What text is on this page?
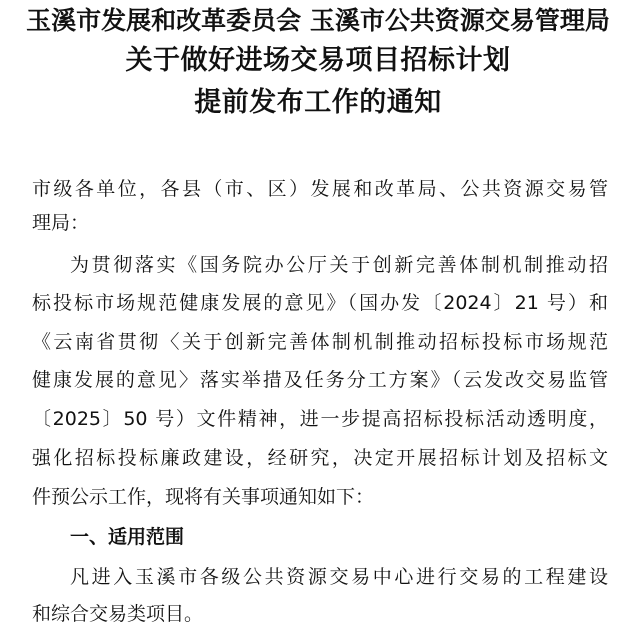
玉溪市发展和改革委员会 玉溪市公共资源交易管理局
关于做好进场交易项目招标计划
提前发布工作的通知
市级各单位，各县（市、区）发展和改革局、公共资源交易管
理局：
为贯彻落实《国务院办公厅关于创新完善体制机制推动招
标投标市场规范健康发展的意见》（国办发〔2024〕21 号）和
《云南省贯彻〈关于创新完善体制机制推动招标投标市场规范
健康发展的意见〉落实举措及任务分工方案》（云发改交易监管
〔2025〕50 号）文件精神，进一步提高招标投标活动透明度，
强化招标投标廉政建设，经研究，决定开展招标计划及招标文
件预公示工作，现将有关事项通知如下：
一、适用范围
凡进入玉溪市各级公共资源交易中心进行交易的工程建设
和综合交易类项目。
